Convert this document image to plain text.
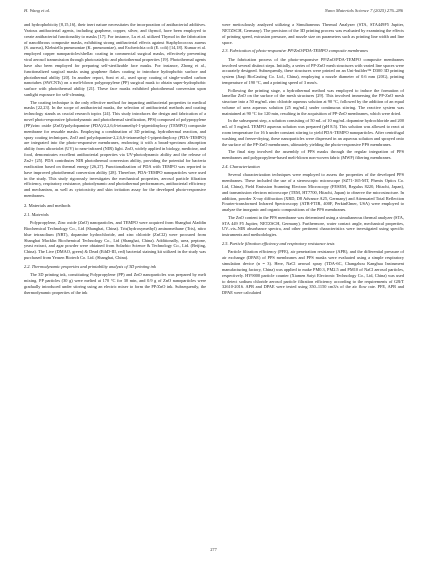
H. Wang et al.	Nano Materials Science 7 (2025) 276–286

and hydrophobicity [8,15,16], their inert nature necessitates the incorporation of antibacterial additives. Various antibacterial agents, including graphene, copper, silver, and thymol, have been employed to create antibacterial functionality to masks [17]. For instance, Lu et al. utilized Thymol in the fabrication of nanofibrous composite masks, exhibiting strong antibacterial effects against Staphylococcus aureus (S. aureus), Klebsiella pneumoniae (K. pneumoniae), and Escherichia coli (E. coli) [14,18]. Kumar et al. employed copper nanoparticles/shellac coating in commercial surgical masks, effectively preventing viral aerosol transmission through photocatalytic and photothermal properties [19]. Photothermal agents have also been employed for preparing self-sterilizable face masks. For instance, Zhong et al., functionalized surgical masks using graphene flakes coating to introduce hydrophobic surface and photothermal ability [20]. In another report, Soni et al., used spray coating of single-walled carbon nanotubes (SWCNTs) on a melt-blown polypropylene (PP) surgical mask to obtain super-hydrophobic surface with photothermal ability [21]. These face masks exhibited photothermal conversion upon sunlight exposure for self-cleaning.

The coating technique is the only effective method for imparting antibacterial properties to medical masks [22,23]. In the scope of antibacterial masks, the selection of antibacterial methods and coating technology stands as crucial research topics [24]. This study introduces the design and fabrication of a novel photo-responsive (photodynamic and photothermal sterilization, PPS) composed of polypropylene (PP)/zinc oxide (ZnO)/polydopamine (PDA)/2,2,6,6-tetramethyl-1-piperidinyloxy (TEMPO) composite membrane for reusable masks. Employing a combination of 3D printing, hydrothermal reaction, and spray coating techniques, ZnO and polydopamine-2,2,6,6-tetramethyl-1-piperidinyloxy (PDA-TEMPO) are integrated into the photo-responsive membranes, endowing it with a broad-spectrum absorption ability from ultraviolet (UV) to near-infrared (NIR) light. ZnO, widely applied in biology, medicine, and food, demonstrates excellent antibacterial properties via UV-photodynamic ability and the release of Zn2+ [25]. PDA contributes NIR photothermal conversion ability, providing the potential for bacteria eradication based on thermal energy [26,27]. Functionalization of PDA with TEMPO was reported to have improved photothermal conversion ability [28]. Therefore, PDA-TEMPO nanoparticles were used in the study. This study rigorously investigates the mechanical properties, aerosol particle filtration efficiency, respiratory resistance, photodynamic and photothermal performances, antibacterial efficiency and mechanism, as well as cytotoxicity and skin irritation assay for the developed photo-responsive membranes.

2. Materials and methods
2.1. Materials

Polypropylene, Zinc oxide (ZnO) nanoparticles, and TEMPO were acquired from Shanghai Aladdin Biochemical Technology Co., Ltd (Shanghai, China). Tris(hydroxymethyl) aminomethane (Tris), nitro blue tetrazolium (NBT), dopamine hydrochloride, and zinc chloride (ZnCl2) were procured from Shanghai Macklin Biochemical Technology Co., Ltd (Shanghai, China). Additionally, urea, peptone, yeast extract, and agar powder were obtained from Solarbio Science & Technology Co., Ltd. (Beijing, China). The Live (DMAO, green) & Dead (EthD-III, red) bacterial staining kit utilized in the study was purchased from Yeasen Biotech Co. Ltd. (Shanghai, China).

2.2. Thermodynamic properties and printability analysis of 3D printing ink

The 3D printing ink, constituting Polypropylene (PP) and ZnO nanoparticles was prepared by melt mixing. PP particles (30 g) were melted at 170 °C for 30 min, and 0.9 g of ZnO nanoparticles were gradually introduced under stirring using an electric mixer to form the PP/ZnO ink. Subsequently, the thermodynamic properties of the ink

were meticulously analyzed utilizing a Simultaneous Thermal Analyzer (STA, STA449F5 Jupiter, NETZSCH, Germany). The precision of the 3D printing process was evaluated by examining the effects of printing speed, extrusion pressure, and nozzle size on parameters such as printing line width and line space.

2.3. Fabrication of photo-responsive PP/ZnO/PDA-TEMPO composite membranes

The fabrication process of the photo-responsive PP/ZnO/PDA-TEMPO composite membranes involved several distinct steps. Initially, a series of PP-ZnO mesh structures with varied line spaces were accurately designed. Subsequently, these structures were printed on an Uni-builder™ D300 3D printing system (Jiaqi BioCasting Co. Ltd., China), employing a nozzle diameter of 0.6 mm (20G), printing temperature of 190 °C, and a printing speed of 3 mm/s.

Following the printing stage, a hydrothermal method was employed to induce the formation of lamellar ZnO on the surface of the mesh structures [29]. This involved immersing the PP-ZnO mesh structure into a 50 mg/mL zinc chloride aqueous solution at 90 °C, followed by the addition of an equal volume of urea aqueous solution (25 mg/mL) under continuous stirring. The reactive system was maintained at 90 °C for 120 min, resulting in the acquisition of PP-ZnO membranes, which were dried.

In the subsequent step, a solution consisting of 50 mL of 10 mg/mL dopamine hydrochloride and 200 mL of 5 mg/mL TEMPO aqueous solution was prepared (pH 8.5). This solution was allowed to react at room temperature for 16 h under constant stirring to yield PDA-TEMPO nanoparticles. After centrifugal washing and freeze-drying, these nanoparticles were dispersed in an aqueous solution and sprayed onto the surface of the PP-ZnO membranes, ultimately yielding the photo-responsive PPS membranes.

The final step involved the assembly of PPS masks through the regular integration of PPS membranes and polypropylene-based melt-blown non-woven fabric (MWF) filtering membranes.

2.4. Characterization

Several characterization techniques were employed to assess the properties of the developed PPS membranes. These included the use of a stereoscopic microscope (SZ71-165-MT, Phenix Optics Co. Ltd, China), Field Emission Scanning Electron Microscopy (FESEM, Regulus 8220, Hitachi, Japan), and transmission electron microscope (TEM, HT7700, Hitachi, Japan) to observe the microstructure. In addition, powder X-ray diffraction (XRD, D8 Advance A25, Germany) and Attenuated Total Reflection Fourier-transformed Infrared Spectroscopy (ATR-FTIR, 400F, PerkinElmer, USA) were employed to analyze the inorganic and organic compositions of the PPS membranes.

The ZnO content in the PPS membrane was determined using a simultaneous thermal analyzer (STA, STA 449 F5 Jupiter, NETZSCH, Germany). Furthermore, water contact angle, mechanical properties, UV–vis–NIR absorbance spectra, and other pertinent characteristics were investigated using specific instruments and methodologies.

2.5. Particle filtration efficiency and respiratory resistance tests

Particle filtration efficiency (PFE), air penetration resistance (APR), and the differential pressure of air exchange (DPAE) of PPS membranes and PPS masks were evaluated using a simple respiratory simulation device (n = 3). Here, NaCl aerosol spray (TDA-6C, Changzhou Kanghua Instrument manufacturing factory, China) was applied to make PM0.3, PM2.5 and PM10 of NaCl aerosol particles, respectively. HY9000 particle counter (Xiamen Saiyi Electronic Technology Co., Ltd, China) was used to detect sodium chloride aerosol particle filtration efficiency according to the requirements of GB/T 32610-2016. APR and DPAE were tested using 350–1150 cm3/s of the air flow rate. PFE, APR and DPAE were calculated

277
